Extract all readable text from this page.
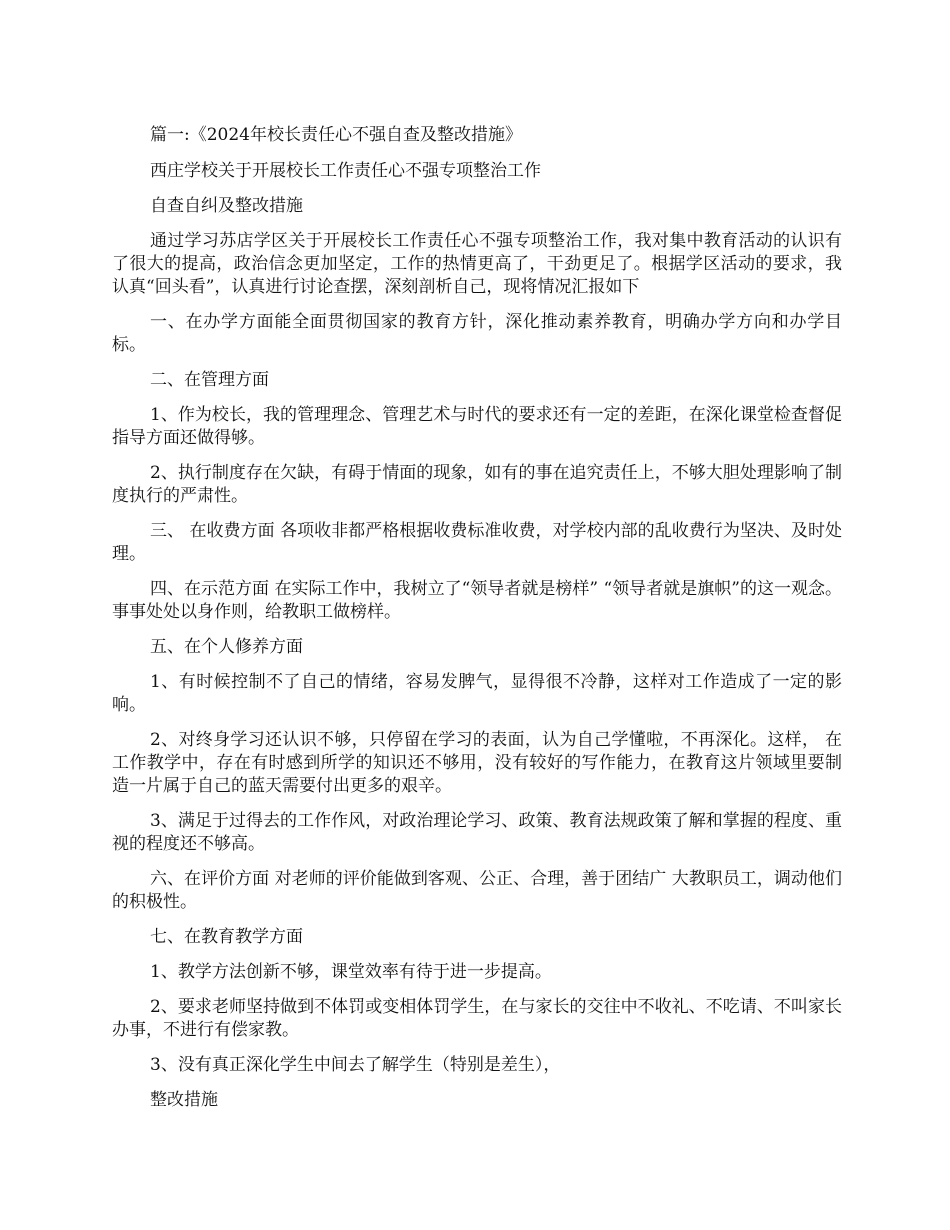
篇一:《2024年校长责任心不强自查及整改措施》

西庄学校关于开展校长工作责任心不强专项整治工作

自查自纠及整改措施

通过学习苏店学区关于开展校长工作责任心不强专项整治工作，我对集中教育活动的认识有了很大的提高，政治信念更加坚定，工作的热情更高了，干劲更足了。根据学区活动的要求，我认真“回头看”，认真进行讨论查摆，深刻剖析自己，现将情况汇报如下

一、在办学方面能全面贯彻国家的教育方针，深化推动素养教育，明确办学方向和办学目标。

二、在管理方面

1、作为校长，我的管理理念、管理艺术与时代的要求还有一定的差距，在深化课堂检查督促指导方面还做得够。

2、执行制度存在欠缺，有碍于情面的现象，如有的事在追究责任上，不够大胆处理影响了制度执行的严肃性。

三、 在收费方面 各项收非都严格根据收费标准收费，对学校内部的乱收费行为坚决、及时处理。

四、在示范方面 在实际工作中，我树立了“领导者就是榜样” “领导者就是旗帜”的这一观念。事事处处以身作则，给教职工做榜样。

五、在个人修养方面

1、有时候控制不了自己的情绪，容易发脾气，显得很不冷静，这样对工作造成了一定的影响。

2、对终身学习还认识不够，只停留在学习的表面，认为自己学懂啦，不再深化。这样， 在工作教学中，存在有时感到所学的知识还不够用，没有较好的写作能力，在教育这片领域里要制造一片属于自己的蓝天需要付出更多的艰辛。

3、满足于过得去的工作作风，对政治理论学习、政策、教育法规政策了解和掌握的程度、重视的程度还不够高。

六、在评价方面 对老师的评价能做到客观、公正、合理，善于团结广 大教职员工，调动他们的积极性。

七、在教育教学方面

1、教学方法创新不够，课堂效率有待于进一步提高。

2、要求老师坚持做到不体罚或变相体罚学生，在与家长的交往中不收礼、不吃请、不叫家长办事，不进行有偿家教。

3、没有真正深化学生中间去了解学生（特别是差生），

整改措施
